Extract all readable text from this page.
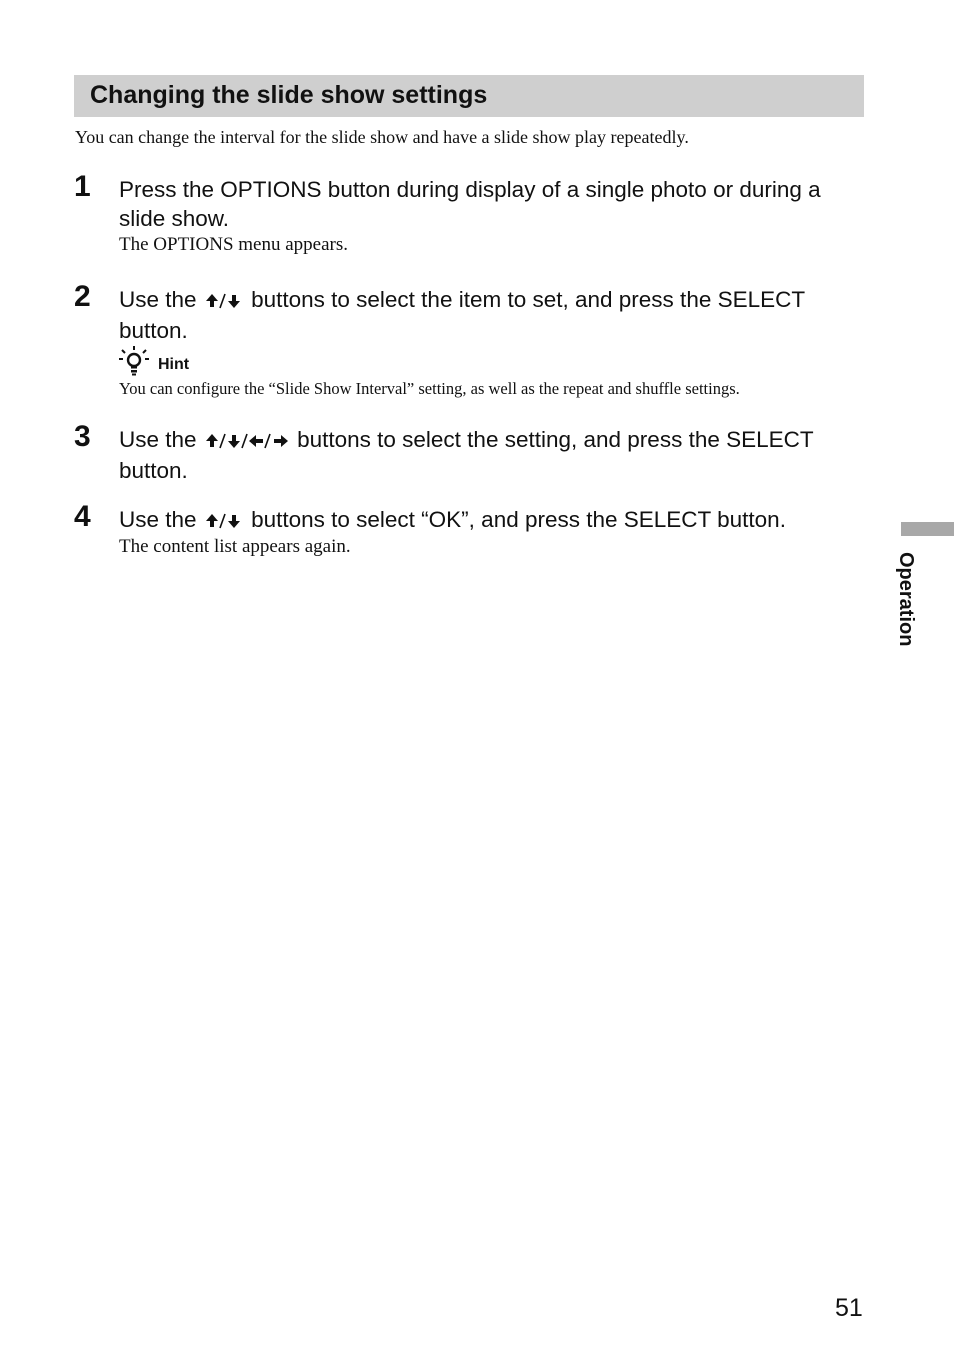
Changing the slide show settings
You can change the interval for the slide show and have a slide show play repeatedly.
1 Press the OPTIONS button during display of a single photo or during a
slide show.
The OPTIONS menu appears.
2 Use the buttons to select the item to set, and press the SELECT
button.
Hint
You can configure the “Slide Show Interval” setting, as well as the repeat and shuffle settings.
3 Use the	buttons to select the setting, and press the SELECT
button.
4 Use the buttons to select “OK”, and press the SELECT button.
The content list appears again.
Operation
51
